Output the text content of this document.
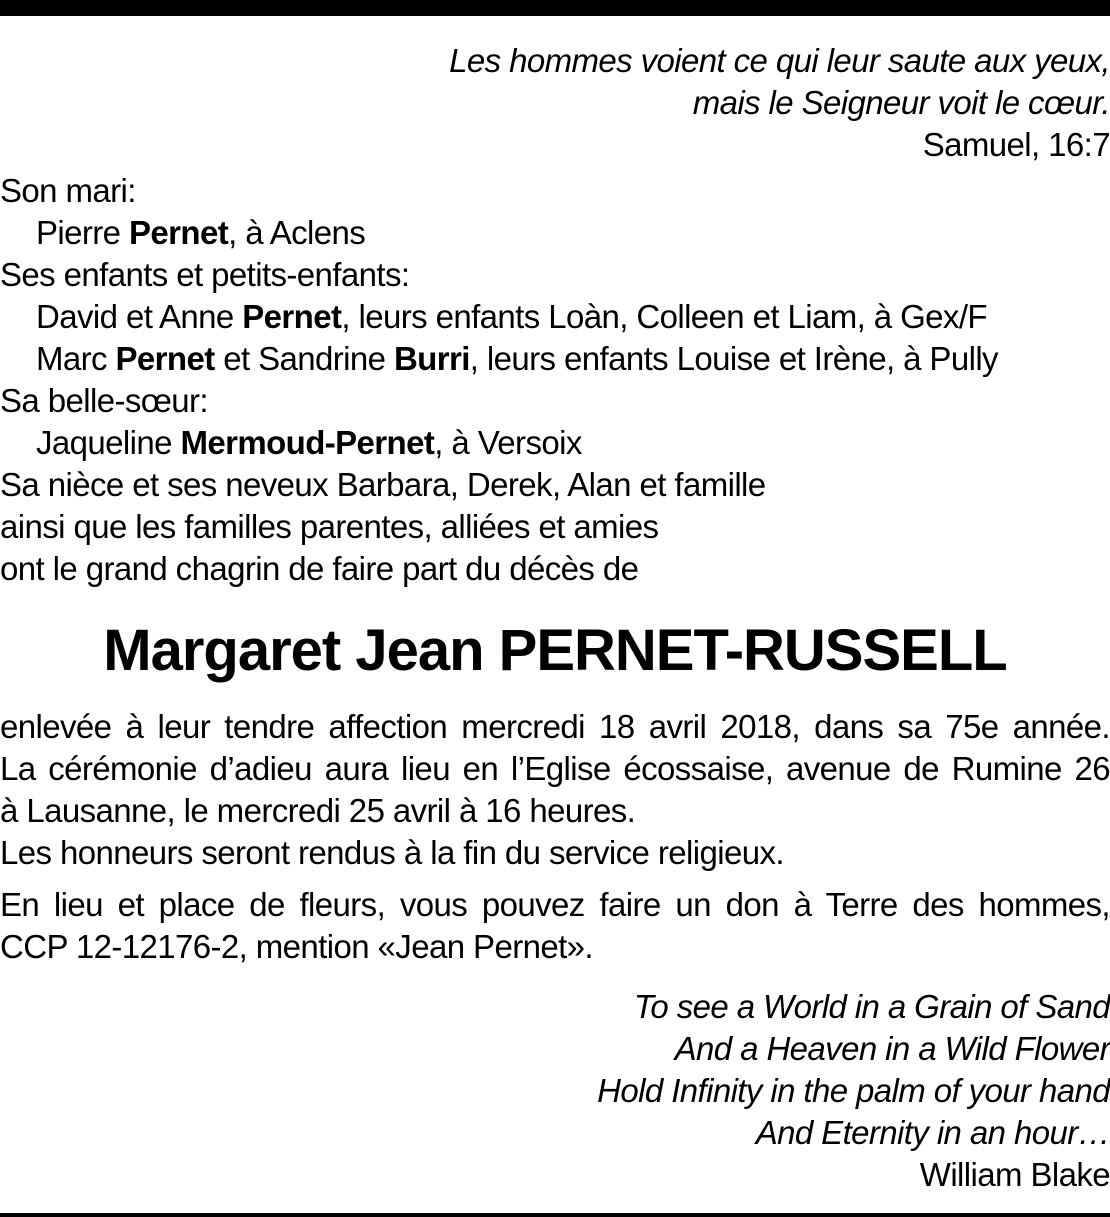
Les hommes voient ce qui leur saute aux yeux,
mais le Seigneur voit le cœur.
Samuel, 16:7
Son mari:
Pierre Pernet, à Aclens
Ses enfants et petits-enfants:
David et Anne Pernet, leurs enfants Loàn, Colleen et Liam, à Gex/F
Marc Pernet et Sandrine Burri, leurs enfants Louise et Irène, à Pully
Sa belle-sœur:
Jaqueline Mermoud-Pernet, à Versoix
Sa nièce et ses neveux Barbara, Derek, Alan et famille
ainsi que les familles parentes, alliées et amies
ont le grand chagrin de faire part du décès de
Margaret Jean PERNET-RUSSELL
enlevée à leur tendre affection mercredi 18 avril 2018, dans sa 75e année.
La cérémonie d’adieu aura lieu en l’Eglise écossaise, avenue de Rumine 26
à Lausanne, le mercredi 25 avril à 16 heures.
Les honneurs seront rendus à la fin du service religieux.
En lieu et place de fleurs, vous pouvez faire un don à Terre des hommes,
CCP 12-12176-2, mention «Jean Pernet».
To see a World in a Grain of Sand
And a Heaven in a Wild Flower
Hold Infinity in the palm of your hand
And Eternity in an hour…
William Blake
